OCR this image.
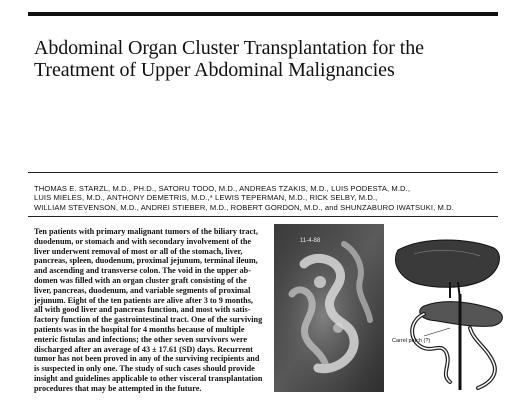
Abdominal Organ Cluster Transplantation for the
Treatment of Upper Abdominal Malignancies
THOMAS E. STARZL, M.D., PH.D., SATORU TODO, M.D., ANDREAS TZAKIS, M.D., LUIS PODESTA, M.D.,
LUIS MIELES, M.D., ANTHONY DEMETRIS, M.D.,* LEWIS TEPERMAN, M.D., RICK SELBY, M.D.,
WILLIAM STEVENSON, M.D., ANDREI STIEBER, M.D., ROBERT GORDON, M.D., and SHUNZABURO IWATSUKI, M.D.
Ten patients with primary malignant tumors of the biliary tract,
duodenum, or stomach and with secondary involvement of the
liver underwent removal of most or all of the stomach, liver,
pancreas, spleen, duodenum, proximal jejunum, terminal ileum,
and ascending and transverse colon. The void in the upper ab-
domen was filled with an organ cluster graft consisting of the
liver, pancreas, duodenum, and variable segments of proximal
jejunum. Eight of the ten patients are alive after 3 to 9 months,
all with good liver and pancreas function, and most with satis-
factory function of the gastrointestinal tract. One of the surviving
patients was in the hospital for 4 months because of multiple
enteric fistulas and infections; the other seven survivors were
discharged after an average of 43 ± 17.61 (SD) days. Recurrent
tumor has not been proved in any of the surviving recipients and
is suspected in only one. The study of such cases should provide
insight and guidelines applicable to other visceral transplantation
procedures that may be attempted in the future.
11-4-88
Carrel patch (?)
